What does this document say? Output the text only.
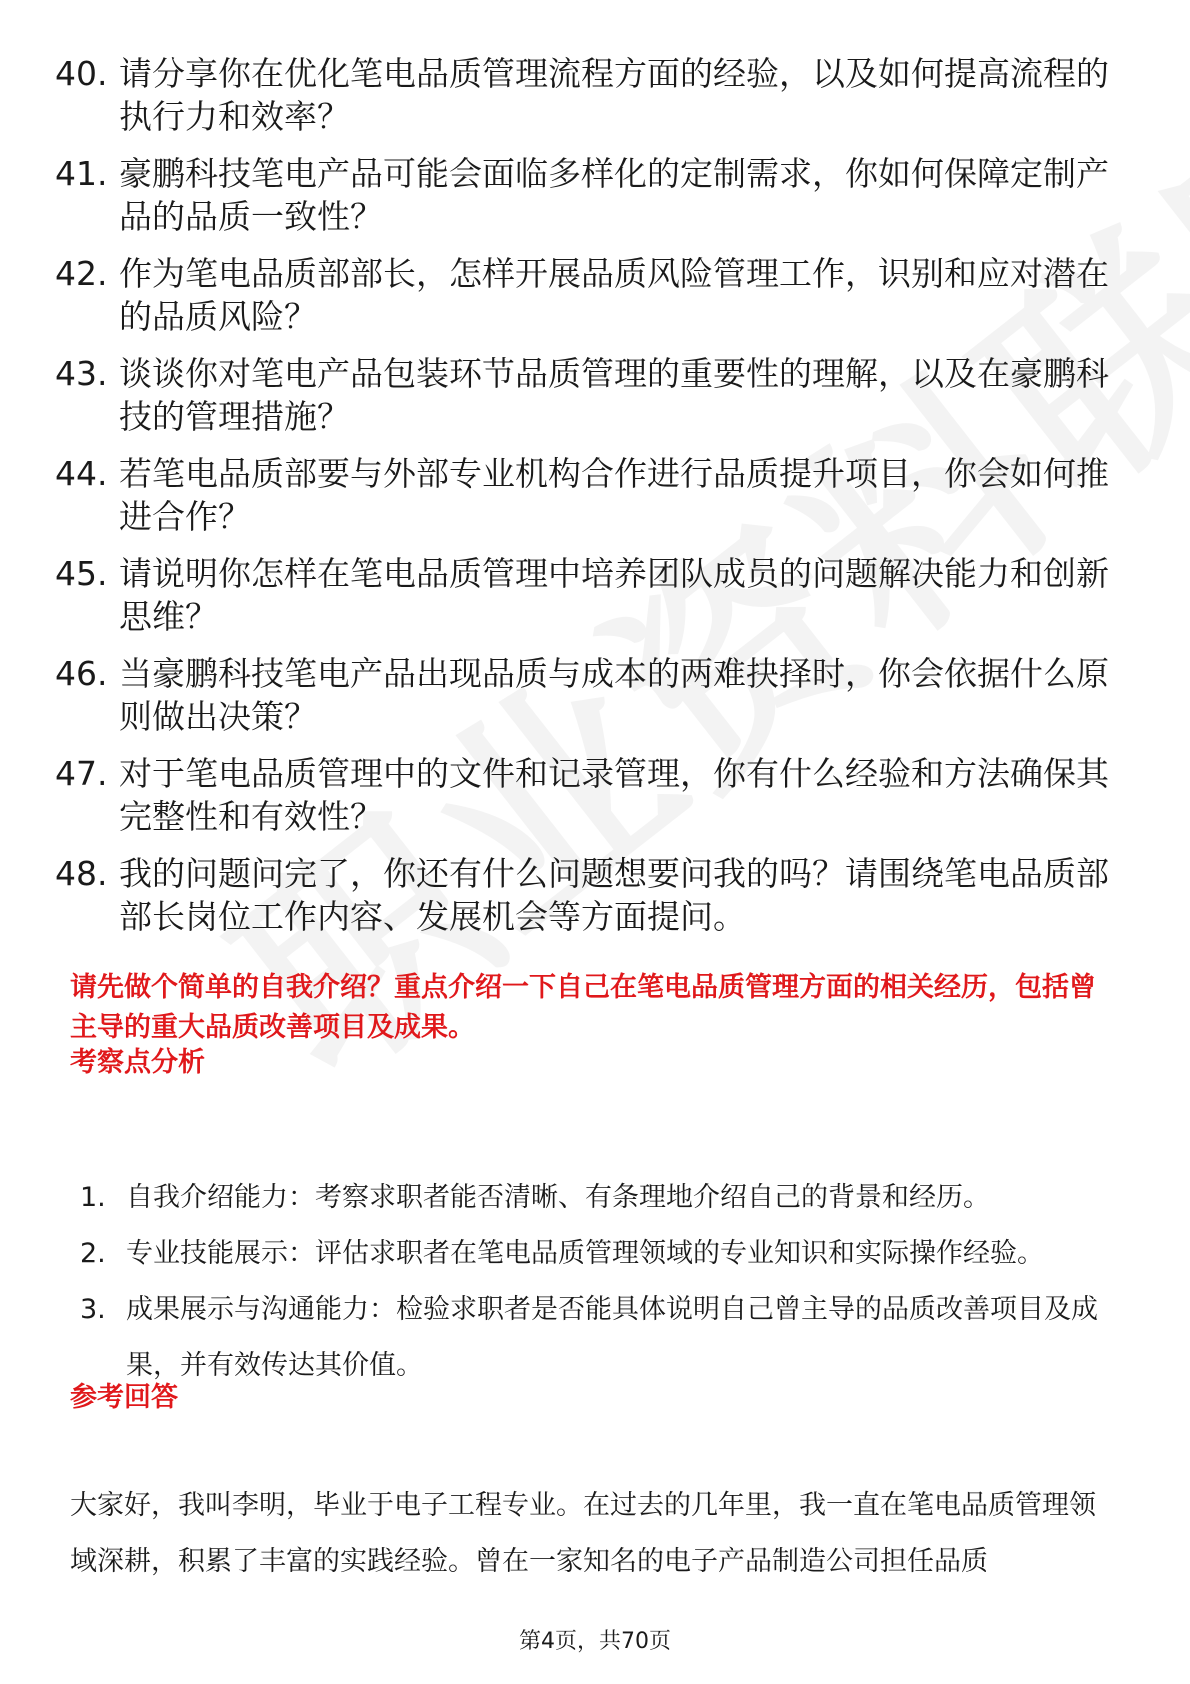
40. 请分享你在优化笔电品质管理流程方面的经验，以及如何提高流程的执行力和效率？
41. 豪鹏科技笔电产品可能会面临多样化的定制需求，你如何保障定制产品的品质一致性？
42. 作为笔电品质部部长，怎样开展品质风险管理工作，识别和应对潜在的品质风险？
43. 谈谈你对笔电产品包装环节品质管理的重要性的理解，以及在豪鹏科技的管理措施？
44. 若笔电品质部要与外部专业机构合作进行品质提升项目，你会如何推进合作？
45. 请说明你怎样在笔电品质管理中培养团队成员的问题解决能力和创新思维？
46. 当豪鹏科技笔电产品出现品质与成本的两难抉择时，你会依据什么原则做出决策？
47. 对于笔电品质管理中的文件和记录管理，你有什么经验和方法确保其完整性和有效性？
48. 我的问题问完了，你还有什么问题想要问我的吗？请围绕笔电品质部部长岗位工作内容、发展机会等方面提问。

请先做个简单的自我介绍？重点介绍一下自己在笔电品质管理方面的相关经历，包括曾主导的重大品质改善项目及成果。

考察点分析
1. 自我介绍能力：考察求职者能否清晰、有条理地介绍自己的背景和经历。
2. 专业技能展示：评估求职者在笔电品质管理领域的专业知识和实际操作经验。
3. 成果展示与沟通能力：检验求职者是否能具体说明自己曾主导的品质改善项目及成果，并有效传达其价值。
参考回答

大家好，我叫李明，毕业于电子工程专业。在过去的几年里，我一直在笔电品质管理领域深耕，积累了丰富的实践经验。曾在一家知名的电子产品制造公司担任品质

第4页，共70页
